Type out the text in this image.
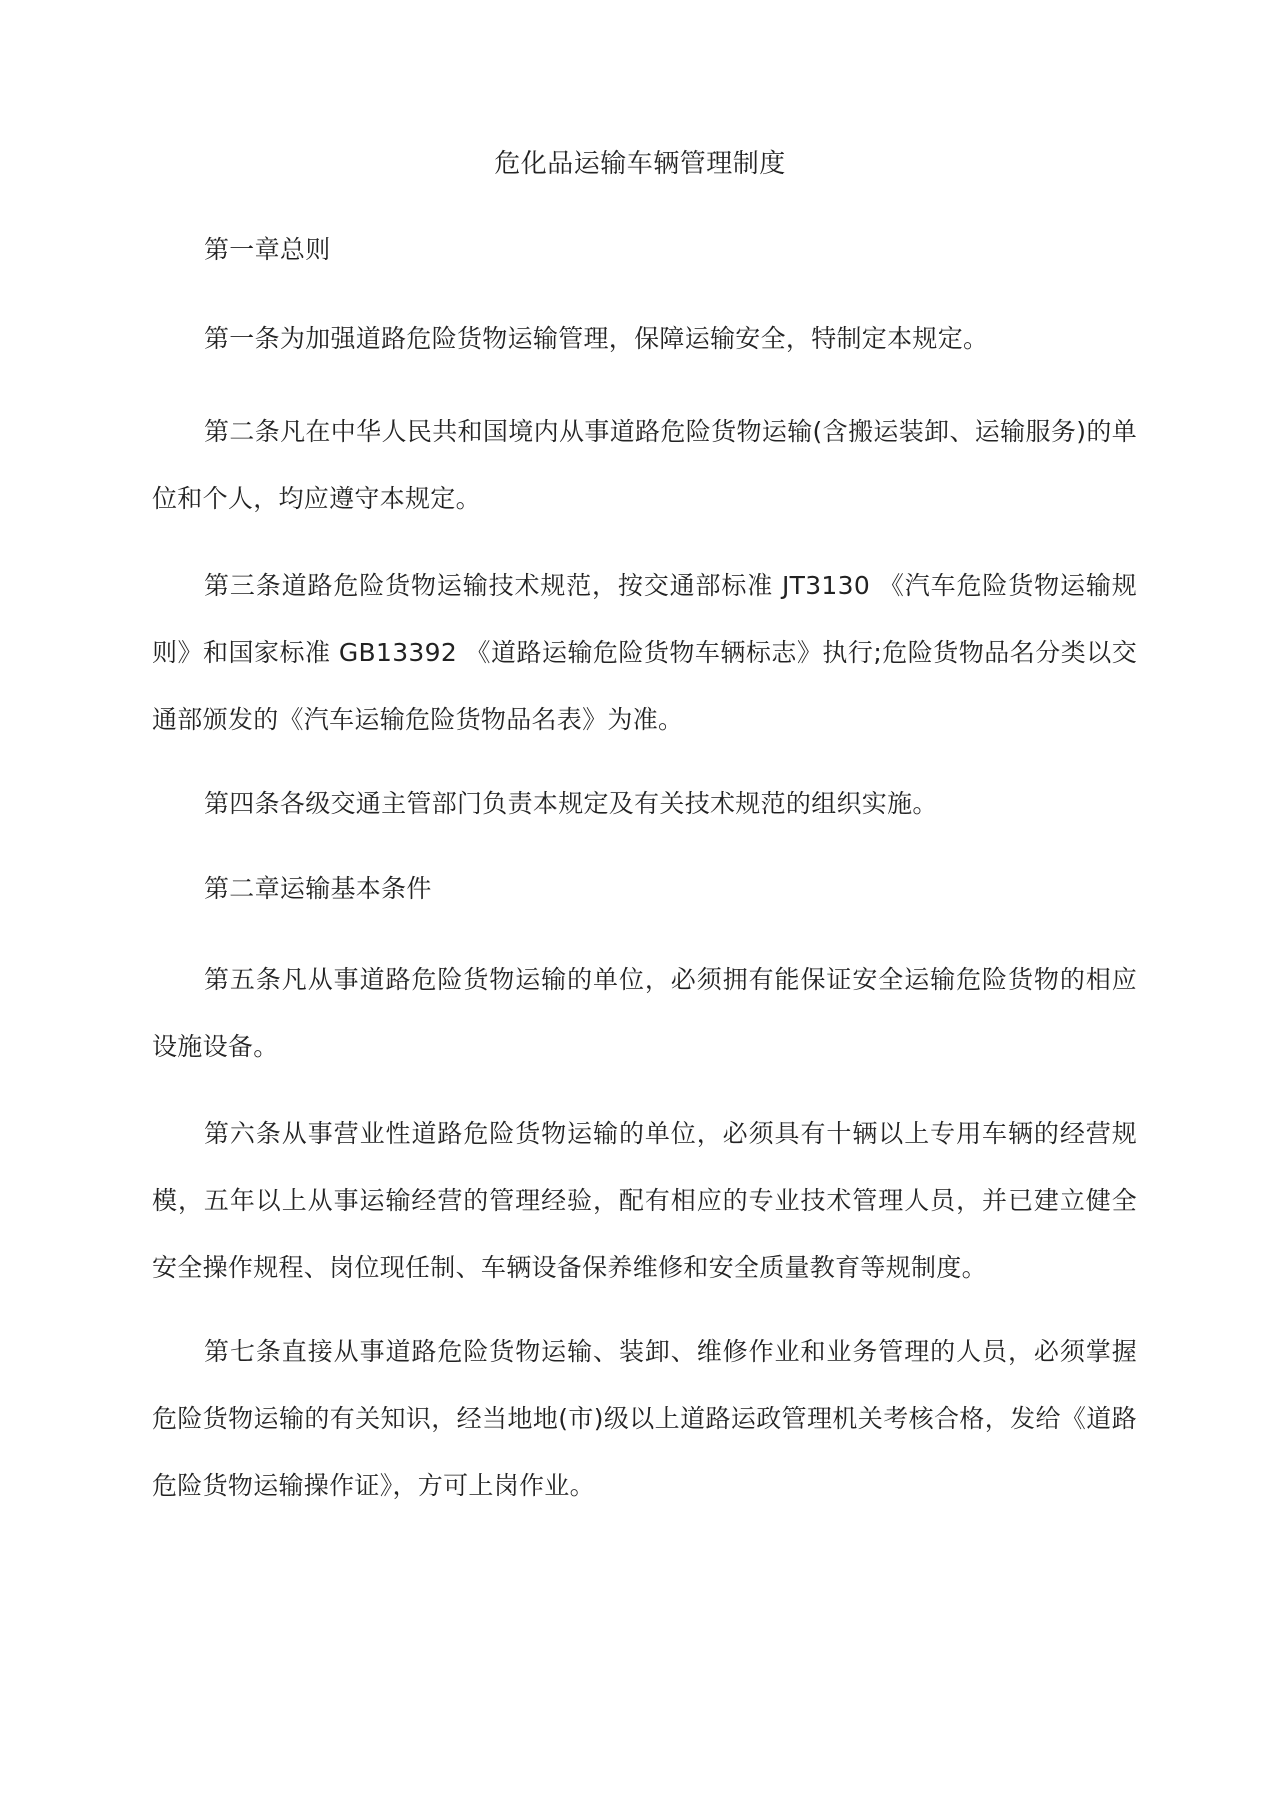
危化品运输车辆管理制度

第一章总则

第一条为加强道路危险货物运输管理，保障运输安全，特制定本规定。

第二条凡在中华人民共和国境内从事道路危险货物运输(含搬运装卸、运输服务)的单位和个人，均应遵守本规定。

第三条道路危险货物运输技术规范，按交通部标准 JT3130 《汽车危险货物运输规则》和国家标准 GB13392 《道路运输危险货物车辆标志》执行;危险货物品名分类以交通部颁发的《汽车运输危险货物品名表》为准。

第四条各级交通主管部门负责本规定及有关技术规范的组织实施。

第二章运输基本条件

第五条凡从事道路危险货物运输的单位，必须拥有能保证安全运输危险货物的相应设施设备。

第六条从事营业性道路危险货物运输的单位，必须具有十辆以上专用车辆的经营规模，五年以上从事运输经营的管理经验，配有相应的专业技术管理人员，并已建立健全安全操作规程、岗位现任制、车辆设备保养维修和安全质量教育等规制度。

第七条直接从事道路危险货物运输、装卸、维修作业和业务管理的人员，必须掌握危险货物运输的有关知识，经当地地(市)级以上道路运政管理机关考核合格，发给《道路危险货物运输操作证》，方可上岗作业。
